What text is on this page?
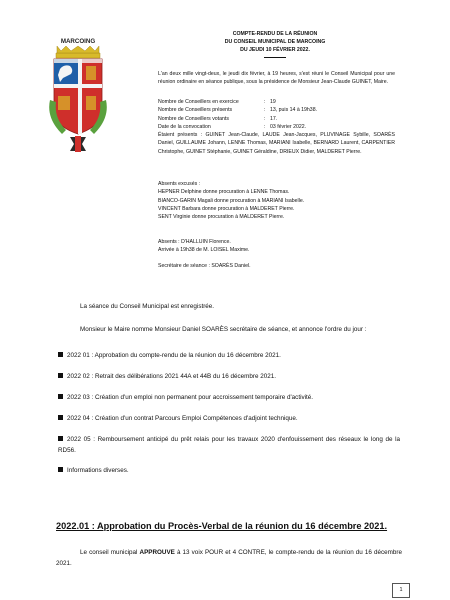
COMPTE-RENDU DE LA RÉUNION
DU CONSEIL MUNICIPAL DE MARCOING
DU JEUDI 10 FÉVRIER 2022.
MARCOING
L'an deux mille vingt-deux, le jeudi dix février, à 19 heures, s'est réuni le Conseil Municipal pour une réunion ordinaire en séance publique, sous la présidence de Monsieur Jean-Claude GUINET, Maire.
Nombre de Conseillers en exercice	: 19
Nombre de Conseillers présents	: 13, puis 14 à 19h38.
Nombre de Conseillers votants	: 17.
Date de la convocation	: 03 février 2022.
Étaient présents : GUINET Jean-Claude, LAUDE Jean-Jacques, PLUVINAGE Sybille, SOARÈS Daniel, GUILLAUME Johann, LENNE Thomas, MARIANI Isabelle, BERNARD Laurent, CARPENTIER Christophe, GUINET Stéphanie, GUINET Géraldine, DRIEUX Didier, MALDERET Pierre.
Absents excusés :
HEPNER Delphine donne procuration à LENNE Thomas.
BIANCO-GARIN Magali donne procuration à MARIANI Isabelle.
VINCENT Barbara donne procuration à MALDERET Pierre.
SENT Virginie donne procuration à MALDERET Pierre.
Absents : D'HALLUIN Florence.
Arrivée à 19h38 de M. LOISEL Maxime.
Secrétaire de séance : SOARÈS Daniel.
La séance du Conseil Municipal est enregistrée.
Monsieur le Maire nomme Monsieur Daniel SOARÈS secrétaire de séance, et annonce l'ordre du jour :
2022 01 : Approbation du compte-rendu de la réunion du 16 décembre 2021.
2022 02 : Retrait des délibérations 2021 44A et 44B du 16 décembre 2021.
2022 03 : Création d'un emploi non permanent pour accroissement temporaire d'activité.
2022 04 : Création d'un contrat Parcours Emploi Compétences d'adjoint technique.
2022 05 : Remboursement anticipé du prêt relais pour les travaux 2020 d'enfouissement des réseaux le long de la RD56.
Informations diverses.
2022.01 : Approbation du Procès-Verbal de la réunion du 16 décembre 2021.
Le conseil municipal APPROUVE à 13 voix POUR et 4 CONTRE, le compte-rendu de la réunion du 16 décembre 2021.
1
